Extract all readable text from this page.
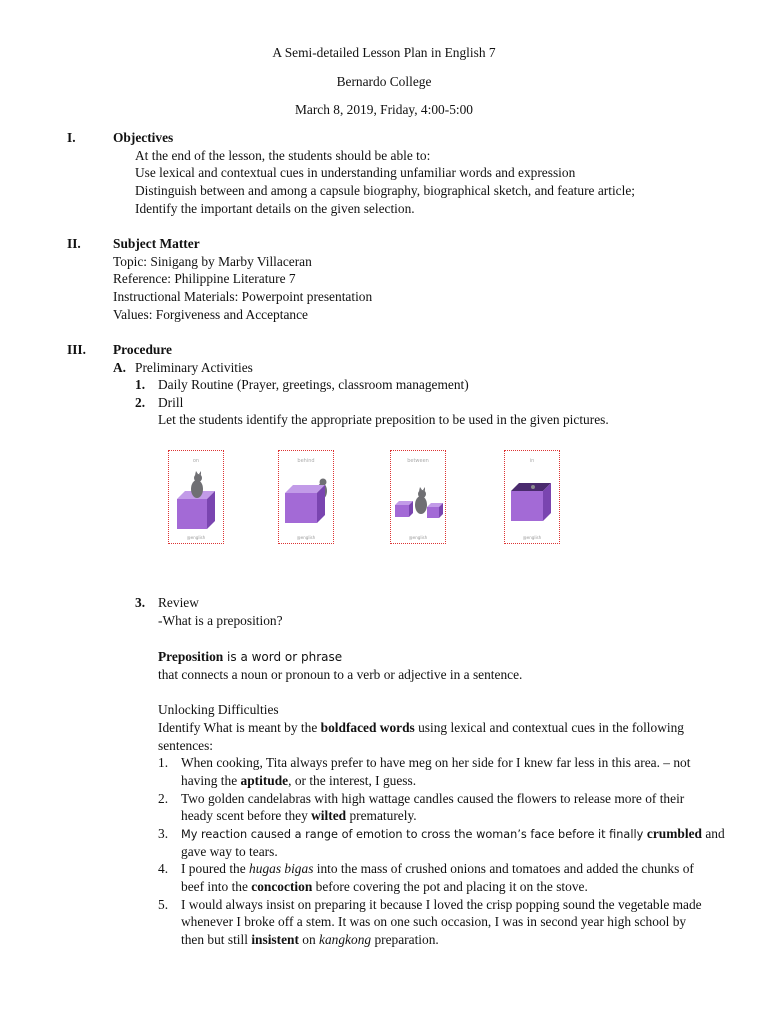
A Semi-detailed Lesson Plan in English 7
Bernardo College
March 8, 2019, Friday, 4:00-5:00
I.	Objectives
At the end of the lesson, the students should be able to:
Use lexical and contextual cues in understanding unfamiliar words and expression
Distinguish between and among a capsule biography, biographical sketch, and feature article;
Identify the important details on the given selection.
II. Subject Matter
Topic: Sinigang by Marby Villaceran
Reference: Philippine Literature 7
Instructional Materials: Powerpoint presentation
Values: Forgiveness and Acceptance
III. Procedure
A. Preliminary Activities
1. Daily Routine (Prayer, greetings, classroom management)
2. Drill
Let the students identify the appropriate preposition to be used in the given pictures.
on
@english
behind
@english
between
@english
in
@english
3. Review
-What is a preposition?
Preposition is a word or phrase
that connects a noun or pronoun to a verb or adjective in a sentence.
Unlocking Difficulties
Identify What is meant by the boldfaced words using lexical and contextual cues in the following
sentences:
1. When cooking, Tita always prefer to have meg on her side for I knew far less in this area. – not
having the aptitude, or the interest, I guess.
2. Two golden candelabras with high wattage candles caused the flowers to release more of their
heady scent before they wilted prematurely.
3. My reaction caused a range of emotion to cross the woman’s face before it finally crumbled and
gave way to tears.
4. I poured the hugas bigas into the mass of crushed onions and tomatoes and added the chunks of
beef into the concoction before covering the pot and placing it on the stove.
5. I would always insist on preparing it because I loved the crisp popping sound the vegetable made
whenever I broke off a stem. It was on one such occasion, I was in second year high school by
then but still insistent on kangkong preparation.
